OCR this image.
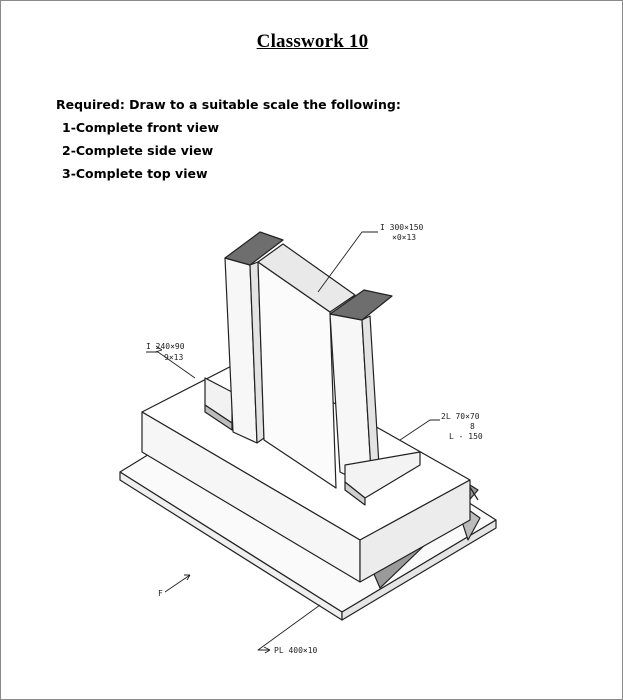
Classwork 10
Required: Draw to a suitable scale the following:
1-Complete front view
2-Complete side view
3-Complete top view
I 300×150
×0×13
I 240×90
9×13
2L 70×70
8
L - 150
PL 400×10
F
